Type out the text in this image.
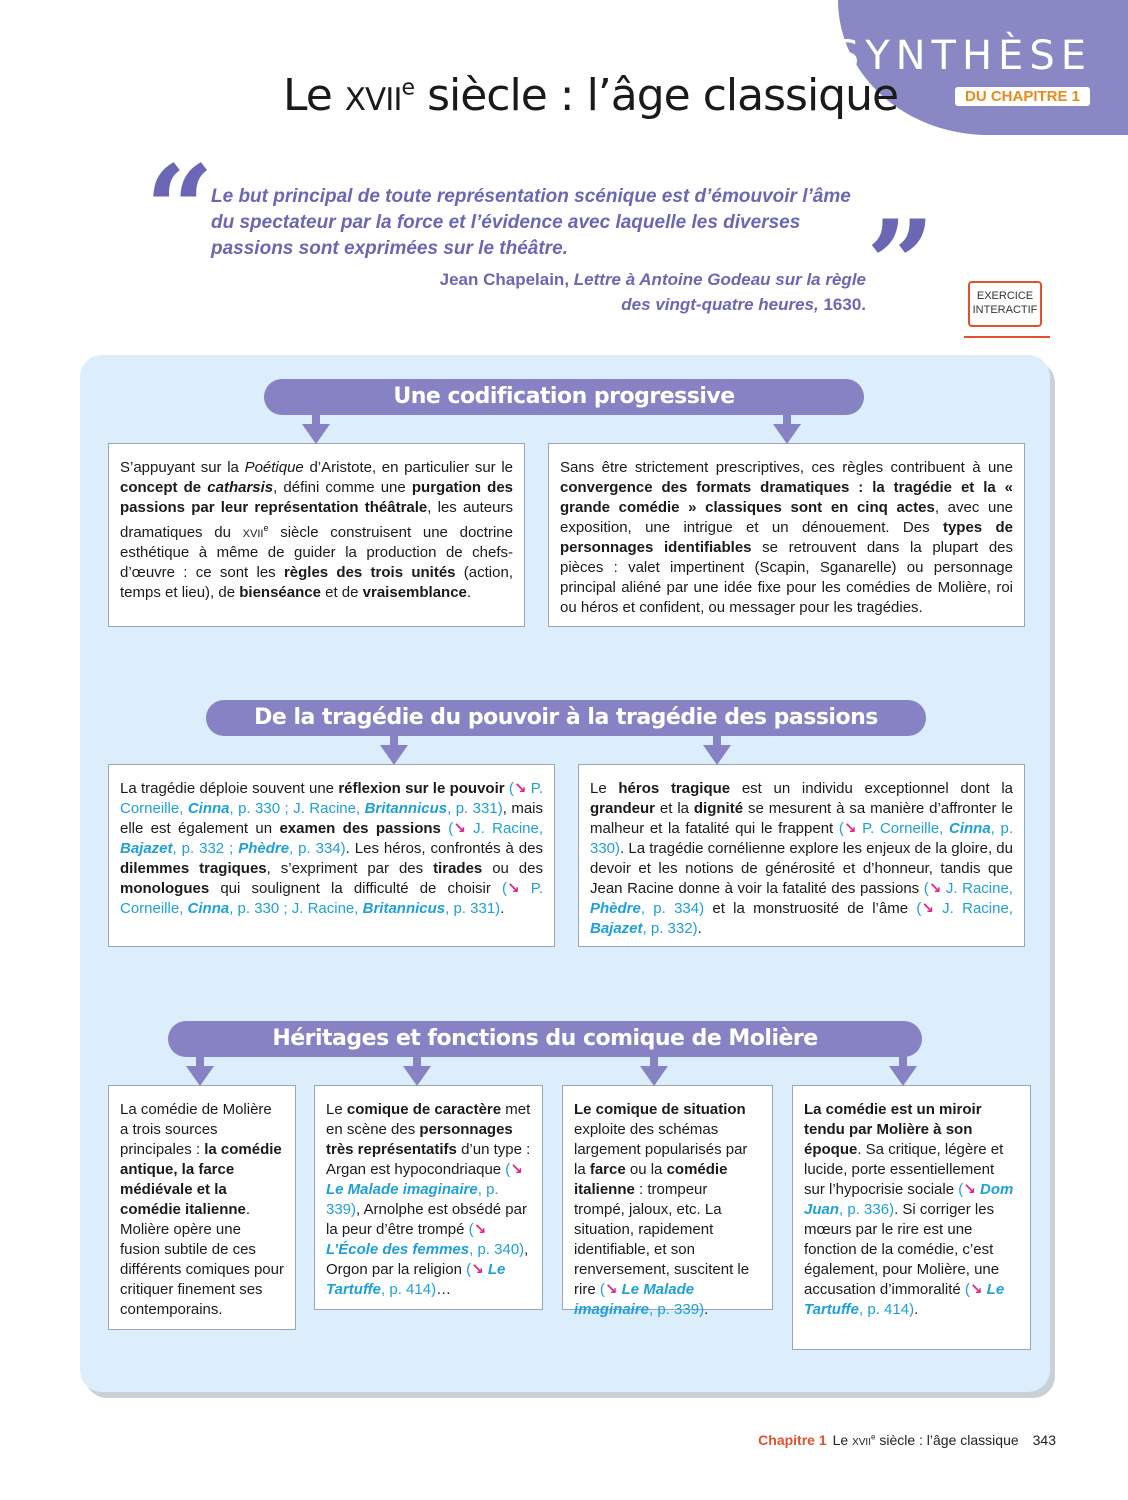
SYNTHÈSE
DU CHAPITRE 1
Le xvii$^e$ siècle : l’âge classique
“	”
Le but principal de toute représentation scénique est d’émouvoir l’âme du spectateur par la force et l’évidence avec laquelle les diverses passions sont exprimées sur le théâtre.
Jean Chapelain, Lettre à Antoine Godeau sur la règle
des vingt-quatre heures, 1630.	EXERCICE
INTERACTIF
Une codification progressive
S’appuyant sur la Poétique d’Aristote, en particulier sur le concept de catharsis, défini comme une purgation des passions par leur représentation théâtrale, les auteurs dramatiques du xvii$^e$ siècle construisent une doctrine esthétique à même de guider la production de chefs-d’œuvre : ce sont les règles des trois unités (action, temps et lieu), de bienséance et de vraisemblance.
Sans être strictement prescriptives, ces règles contribuent à une convergence des formats dramatiques : la tragédie et la « grande comédie » classiques sont en cinq actes, avec une exposition, une intrigue et un dénouement. Des types de personnages identifiables se retrouvent dans la plupart des pièces : valet impertinent (Scapin, Sganarelle) ou personnage principal aliéné par une idée fixe pour les comédies de Molière, roi ou héros et confident, ou messager pour les tragédies.
De la tragédie du pouvoir à la tragédie des passions
La tragédie déploie souvent une réflexion sur le pouvoir (↘ P. Corneille, Cinna, p. 330 ; J. Racine, Britannicus, p. 331), mais elle est également un examen des passions (↘ J. Racine, Bajazet, p. 332 ; Phèdre, p. 334). Les héros, confrontés à des dilemmes tragiques, s’expriment par des tirades ou des monologues qui soulignent la difficulté de choisir (↘ P. Corneille, Cinna, p. 330 ; J. Racine, Britannicus, p. 331).
Le héros tragique est un individu exceptionnel dont la grandeur et la dignité se mesurent à sa manière d’affronter le malheur et la fatalité qui le frappent (↘ P. Corneille, Cinna, p. 330). La tragédie cornélienne explore les enjeux de la gloire, du devoir et les notions de générosité et d’honneur, tandis que Jean Racine donne à voir la fatalité des passions (↘ J. Racine, Phèdre, p. 334) et la monstruosité de l’âme (↘ J. Racine, Bajazet, p. 332).
Héritages et fonctions du comique de Molière
La comédie de Molière a trois sources principales : la comédie antique, la farce médiévale et la comédie italienne. Molière opère une fusion subtile de ces différents comiques pour critiquer finement ses contemporains.
Le comique de caractère met en scène des personnages très représentatifs d’un type : Argan est hypocondriaque (↘ Le Malade imaginaire, p. 339), Arnolphe est obsédé par la peur d’être trompé (↘ L’École des femmes, p. 340), Orgon par la religion (↘ Le Tartuffe, p. 414)…
Le comique de situation exploite des schémas largement popularisés par la farce ou la comédie italienne : trompeur trompé, jaloux, etc. La situation, rapidement identifiable, et son renversement, suscitent le rire (↘ Le Malade imaginaire, p. 339).
La comédie est un miroir tendu par Molière à son époque. Sa critique, légère et lucide, porte essentiellement sur l’hypocrisie sociale (↘ Dom Juan, p. 336). Si corriger les mœurs par le rire est une fonction de la comédie, c’est également, pour Molière, une accusation d’immoralité (↘ Le Tartuffe, p. 414).
Chapitre 1 Le xvii$^e$ siècle : l’âge classique 343
